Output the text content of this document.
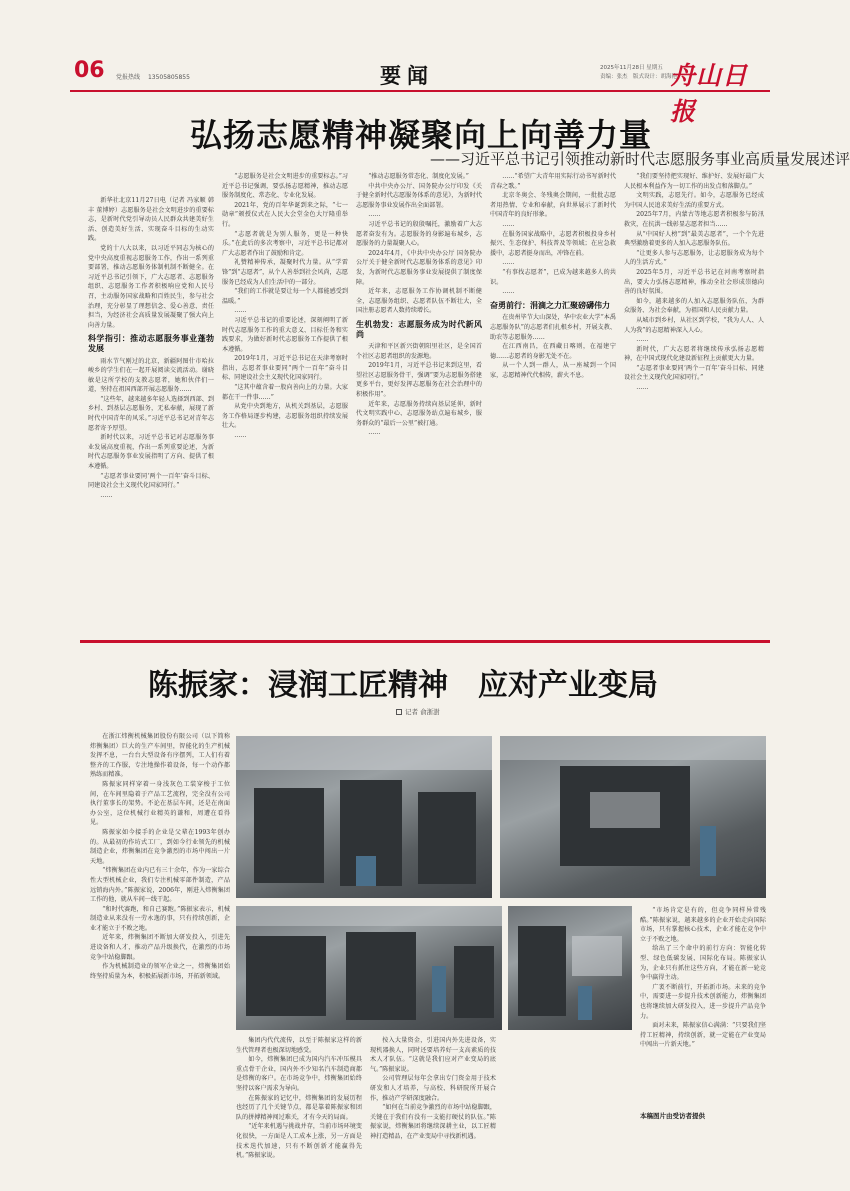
06 党报热线 13505805855	要闻	2025年11月28日 星期五
责编：张杰　版式设计：胡海艳
舟山日报
弘扬志愿精神凝聚向上向善力量
——习近平总书记引领推动新时代志愿服务事业高质量发展述评

新华社北京11月27日电（记者 冯家顺 韩丰 董博婷）志愿服务是社会文明进步的重要标志，是新时代党引导动员人民群众共建美好生活、创造美好生活、实现奋斗目标的生动实践。

党的十八大以来，以习近平同志为核心的党中央高度重视志愿服务工作，作出一系列重要部署，推动志愿服务体制机制不断健全。在习近平总书记引领下，广大志愿者、志愿服务组织、志愿服务工作者积极响应党和人民号召，主动服务国家战略和百姓民生，参与社会治理，充分彰显了理想信念、爱心善意、责任担当，为经济社会高质量发展凝聚了强大向上向善力量。

科学指引：推动志愿服务事业蓬勃发展

雨水节气刚过的北京，新疆阿图什市哈拉峻乡的学生们在一起开展阅读交流活动。谢晓敏是这所学校的支教志愿者，她和伙伴们一道，坚持在祖国西部开展志愿服务……

“这些年，越来越多年轻人选择到西部、到乡村、到基层志愿服务，无私奉献，展现了新时代中国青年的风采。”习近平总书记对青年志愿者寄予厚望。

新时代以来，习近平总书记对志愿服务事业发展高度重视，作出一系列重要论述，为新时代志愿服务事业发展指明了方向、提供了根本遵循。

“志愿者事业要同‘两个一百年’奋斗目标、同建设社会主义现代化国家同行。”

……

“志愿服务是社会文明进步的重要标志。”习近平总书记强调，要弘扬志愿精神，推动志愿服务制度化、常态化、专业化发展。

2021年，党的百年华诞到来之际，“七一勋章”颁授仪式在人民大会堂金色大厅隆重举行。

“志愿者就是为别人服务，更是一种快乐。”在此后的多次考察中，习近平总书记都对广大志愿者作出了鼓励和肯定。

礼赞精神传承，凝聚时代力量。从“学雷锋”到“志愿者”，从个人善举到社会风尚，志愿服务已经成为人们生活中的一部分。

“我们的工作就是要让每一个人都能感受到温暖。”

……

习近平总书记的重要论述，深刻阐明了新时代志愿服务工作的重大意义、目标任务和实践要求，为做好新时代志愿服务工作提供了根本遵循。

2019年1月，习近平总书记在天津考察时指出，志愿者事业要同“两个一百年”奋斗目标、同建设社会主义现代化国家同行。

“这其中蕴含着一股向善向上的力量。大家都在干一件事……”

从党中央到地方，从机关到基层，志愿服务工作格局逐步构建，志愿服务组织持续发展壮大。

……

“推动志愿服务常态化、制度化发展。”

中共中央办公厅、国务院办公厅印发《关于健全新时代志愿服务体系的意见》，为新时代志愿服务事业发展作出全面部署。

……

习近平总书记的殷殷嘱托，激励着广大志愿者奋发有为。志愿服务的身影遍布城乡，志愿服务的力量凝聚人心。

2024年4月，《中共中央办公厅 国务院办公厅关于健全新时代志愿服务体系的意见》印发，为新时代志愿服务事业发展提供了制度保障。

近年来，志愿服务工作协调机制不断健全，志愿服务组织、志愿者队伍不断壮大，全国注册志愿者人数持续增长。

生机勃发：志愿服务成为时代新风尚

天津和平区新兴街朝阳里社区，是全国首个社区志愿者组织的发源地。

2019年1月，习近平总书记来到这里，看望社区志愿服务骨干，强调“要为志愿服务搭建更多平台，更好发挥志愿服务在社会治理中的积极作用”。

近年来，志愿服务持续向基层延伸，新时代文明实践中心、志愿服务站点遍布城乡，服务群众的“最后一公里”被打通。

……

……“希望广大青年用实际行动书写新时代青春之歌。”

北京冬奥会、冬残奥会期间，一批批志愿者用热情、专业和奉献，向世界展示了新时代中国青年的良好形象。

……

在服务国家战略中，志愿者积极投身乡村振兴、生态保护、科技普及等领域；在应急救援中，志愿者挺身而出，冲锋在前。

……

“有事找志愿者”，已成为越来越多人的共识。

……

奋勇前行：涓滴之力汇聚磅礴伟力

在贵州毕节大山深处，华中农业大学“本禹志愿服务队”的志愿者们扎根乡村，开展支教、助农等志愿服务……

在江西南昌，在西藏日喀则，在福建宁德……志愿者的身影无处不在。

从一个人到一群人，从一座城到一个国家，志愿精神代代相传，薪火不息。

“我们要坚持把实现好、维护好、发展好最广大人民根本利益作为一切工作的出发点和落脚点。”

文明实践，志愿先行。如今，志愿服务已经成为中国人民追求美好生活的重要方式。

2025年7月，内蒙古等地志愿者积极参与防汛救灾，在抗洪一线彰显志愿者担当……

从“中国好人榜”到“最美志愿者”，一个个先进典型激励着更多的人加入志愿服务队伍。

“让更多人参与志愿服务，让志愿服务成为每个人的生活方式。”

2025年5月，习近平总书记在河南考察时指出，要大力弘扬志愿精神，推动全社会形成崇德向善的良好氛围。

如今，越来越多的人加入志愿服务队伍，为群众服务、为社会奉献，为祖国和人民贡献力量。

从城市到乡村，从社区到学校，“我为人人、人人为我”的志愿精神深入人心。

……

新时代，广大志愿者将继续传承弘扬志愿精神，在中国式现代化建设新征程上贡献更大力量。

“志愿者事业要同‘两个一百年’奋斗目标、同建设社会主义现代化国家同行。”

……

陈振家：浸润工匠精神　应对产业变局
记者 俞浙澍

在浙江炜衡机械集团股份有限公司（以下简称炜衡集团）巨大的生产车间里，智能化的生产机械发挥不息，一台台大型设备有序摆列，工人们有着整齐的工作服，专注地操作着设备，每一个动作都熟练而精准。

陈振家同样穿着一身浅灰色工装穿梭于工位间，在车间里隐着于产品工艺流程，完全没有公司执行董事长的架势。不论在基层车间，还是在南面办公室，这位机械行业精英的谦和，周遭在看得见。

陈振家如今接手的企业是父辈在1993年创办的。从最初的作坊式工厂，到如今行业领先的机械制造企业，炜衡集团在竞争激烈的市场中闯出一片天地。

“炜衡集团在业内已有三十余年，作为一家综合性大型机械企业，我们专注机械零部件制造，产品远销海内外。”陈振家说，2006年，刚进入炜衡集团工作的他，就从车间一线干起。

“和时代赛跑，和自己赛跑。”陈振家表示，机械制造业从来没有一劳永逸的事，只有持续创新，企业才能立于不败之地。

近年来，炜衡集团不断加大研发投入，引进先进设备和人才，推动产品升级换代，在激烈的市场竞争中站稳脚跟。

作为机械制造业的领军企业之一，炜衡集团始终坚持质量为本，积极拓展新市场，开拓新领域。

“市场肯定是有的，但竞争同样异常残酷。”陈振家说，越来越多的企业开始走向国际市场，只有掌握核心技术，企业才能在竞争中立于不败之地。

给出了三个命中的前行方向：智能化转型、绿色低碳发展、国际化布局。陈振家认为，企业只有抓住这些方向，才能在新一轮竞争中赢得主动。

广袤不断前行，开拓新市场。未来的竞争中，需要进一步提升技术创新能力，炜衡集团也将继续加大研发投入，进一步提升产品竞争力。

面对未来，陈振家信心满满：“只要我们坚持工匠精神，持续创新，就一定能在产业变局中闯出一片新天地。”

集团内代代流传，以至于陈振家这样的新生代管理者也极深切地感受。

如今，炜衡集团已成为国内汽车冲压模具重点骨干企业，国内外不少知名汽车制造商都是炜衡的客户。在市场竞争中，炜衡集团始终坚持以客户需求为导向。

在陈振家的记忆中，炜衡集团的发展历程也经历了几个关键节点，都是靠着陈振家和团队的拼搏精神闯过难关，才有今天的局面。

“近年来机遇与挑战并存，当前市场环境变化很快，一方面是人工成本上涨，另一方面是技术迭代加速，只有不断创新才能赢得先机。”陈振家说。

按入大量资金，引进国内外先进设备，实现机器换人，同时还要培养好一支高素质的技术人才队伍。“这就是我们应对产业变局的底气。”陈振家说。

公司管理层每年会拿出专门资金用于技术研发和人才培养，与高校、科研院所开展合作，推动产学研深度融合。

“如何在当前竞争激烈的市场中站稳脚跟，关键在于我们有没有一支能打硬仗的队伍。”陈振家说，炜衡集团将继续深耕主业，以工匠精神打造精品，在产业变局中寻找新机遇。

本稿图片由受访者提供
